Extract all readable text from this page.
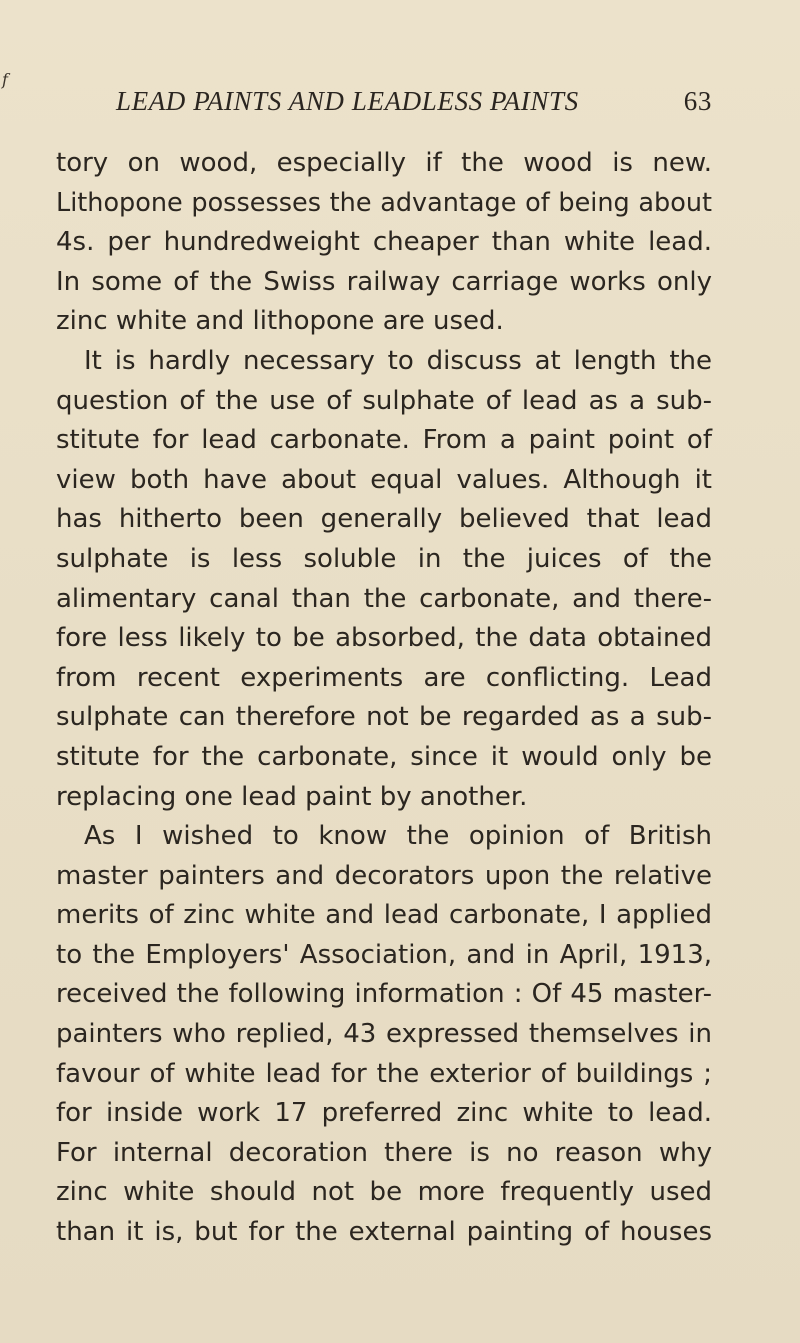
f
LEAD PAINTS AND LEADLESS PAINTS	63
tory on wood, especially if the wood is new.
Lithopone possesses the advantage of being about
4s. per hundredweight cheaper than white lead.
In some of the Swiss railway carriage works only
zinc white and lithopone are used.
It is hardly necessary to discuss at length the
question of the use of sulphate of lead as a sub-
stitute for lead carbonate. From a paint point of
view both have about equal values. Although it
has hitherto been generally believed that lead
sulphate is less soluble in the juices of the
alimentary canal than the carbonate, and there-
fore less likely to be absorbed, the data obtained
from recent experiments are conflicting. Lead
sulphate can therefore not be regarded as a sub-
stitute for the carbonate, since it would only be
replacing one lead paint by another.
As I wished to know the opinion of British
master painters and decorators upon the relative
merits of zinc white and lead carbonate, I applied
to the Employers' Association, and in April, 1913,
received the following information : Of 45 master-
painters who replied, 43 expressed themselves in
favour of white lead for the exterior of buildings ;
for inside work 17 preferred zinc white to lead.
For internal decoration there is no reason why
zinc white should not be more frequently used
than it is, but for the external painting of houses
